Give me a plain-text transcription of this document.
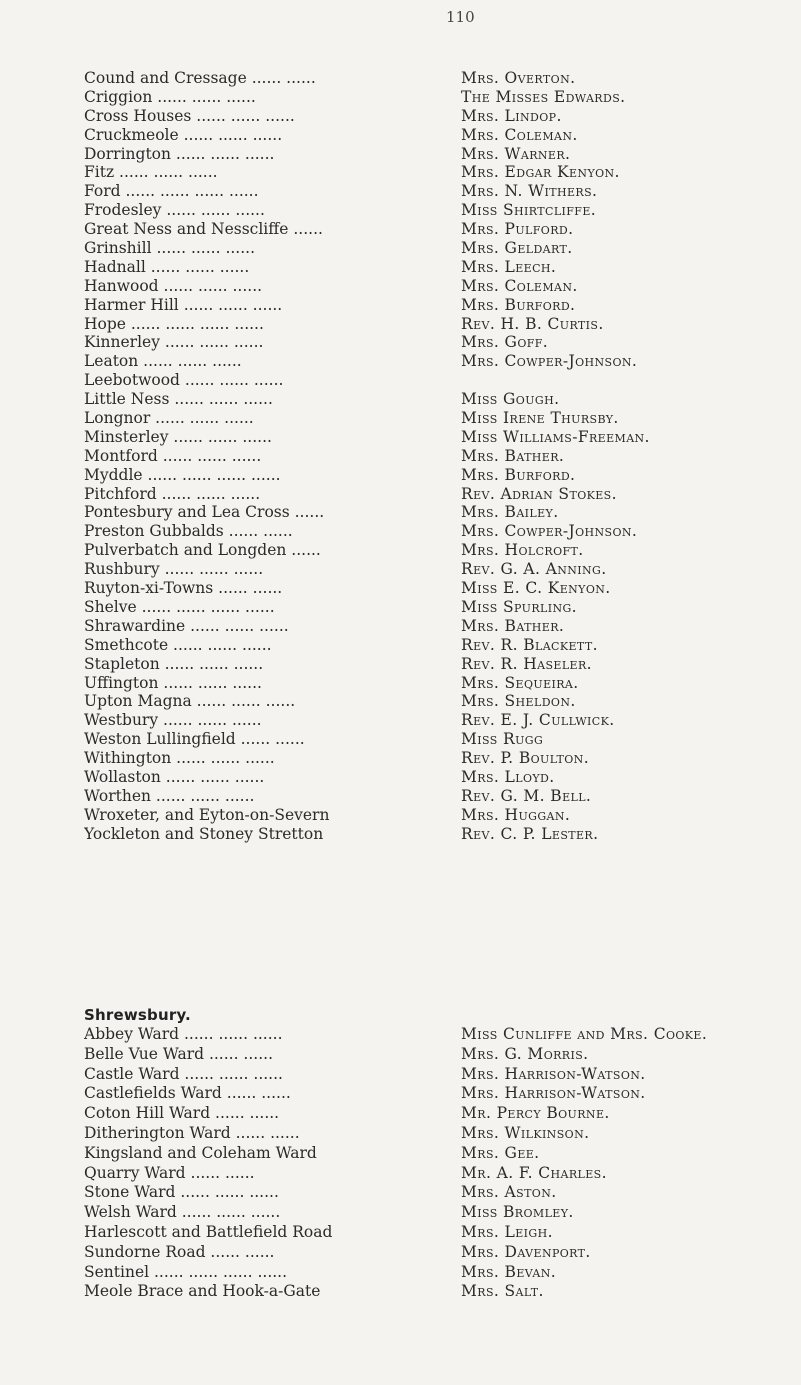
110
Cound and Cressage ...... ......	Mrs. Overton.
Criggion ...... ...... ......	The Misses Edwards.
Cross Houses ...... ...... ......	Mrs. Lindop.
Cruckmeole ...... ...... ......	Mrs. Coleman.
Dorrington ...... ...... ......	Mrs. Warner.
Fitz ...... ...... ......	Mrs. Edgar Kenyon.
Ford ...... ...... ...... ......	Mrs. N. Withers.
Frodesley ...... ...... ......	Miss Shirtcliffe.
Great Ness and Nesscliffe ......	Mrs. Pulford.
Grinshill ...... ...... ......	Mrs. Geldart.
Hadnall ...... ...... ......	Mrs. Leech.
Hanwood ...... ...... ......	Mrs. Coleman.
Harmer Hill ...... ...... ......	Mrs. Burford.
Hope ...... ...... ...... ......	Rev. H. B. Curtis.
Kinnerley ...... ...... ......	Mrs. Goff.
Leaton ...... ...... ......	Mrs. Cowper-Johnson.
Leebotwood ...... ...... ......
Little Ness ...... ...... ......	Miss Gough.
Longnor ...... ...... ......	Miss Irene Thursby.
Minsterley ...... ...... ......	Miss Williams-Freeman.
Montford ...... ...... ......	Mrs. Bather.
Myddle ...... ...... ...... ......	Mrs. Burford.
Pitchford ...... ...... ......	Rev. Adrian Stokes.
Pontesbury and Lea Cross ......	Mrs. Bailey.
Preston Gubbalds ...... ......	Mrs. Cowper-Johnson.
Pulverbatch and Longden ......	Mrs. Holcroft.
Rushbury ...... ...... ......	Rev. G. A. Anning.
Ruyton-xi-Towns ...... ......	Miss E. C. Kenyon.
Shelve ...... ...... ...... ......	Miss Spurling.
Shrawardine ...... ...... ......	Mrs. Bather.
Smethcote ...... ...... ......	Rev. R. Blackett.
Stapleton ...... ...... ......	Rev. R. Haseler.
Uffington ...... ...... ......	Mrs. Sequeira.
Upton Magna ...... ...... ......	Mrs. Sheldon.
Westbury ...... ...... ......	Rev. E. J. Cullwick.
Weston Lullingfield ...... ......	Miss Rugg
Withington ...... ...... ......	Rev. P. Boulton.
Wollaston ...... ...... ......	Mrs. Lloyd.
Worthen ...... ...... ......	Rev. G. M. Bell.
Wroxeter, and Eyton-on-Severn	Mrs. Huggan.
Yockleton and Stoney Stretton	Rev. C. P. Lester.
Shrewsbury.
Abbey Ward ...... ...... ......	Miss Cunliffe and Mrs. Cooke.
Belle Vue Ward ...... ......	Mrs. G. Morris.
Castle Ward ...... ...... ......	Mrs. Harrison-Watson.
Castlefields Ward ...... ......	Mrs. Harrison-Watson.
Coton Hill Ward ...... ......	Mr. Percy Bourne.
Ditherington Ward ...... ......	Mrs. Wilkinson.
Kingsland and Coleham Ward	Mrs. Gee.
Quarry Ward ...... ......	Mr. A. F. Charles.
Stone Ward ...... ...... ......	Mrs. Aston.
Welsh Ward ...... ...... ......	Miss Bromley.
Harlescott and Battlefield Road	Mrs. Leigh.
Sundorne Road ...... ......	Mrs. Davenport.
Sentinel ...... ...... ...... ......	Mrs. Bevan.
Meole Brace and Hook-a-Gate	Mrs. Salt.
